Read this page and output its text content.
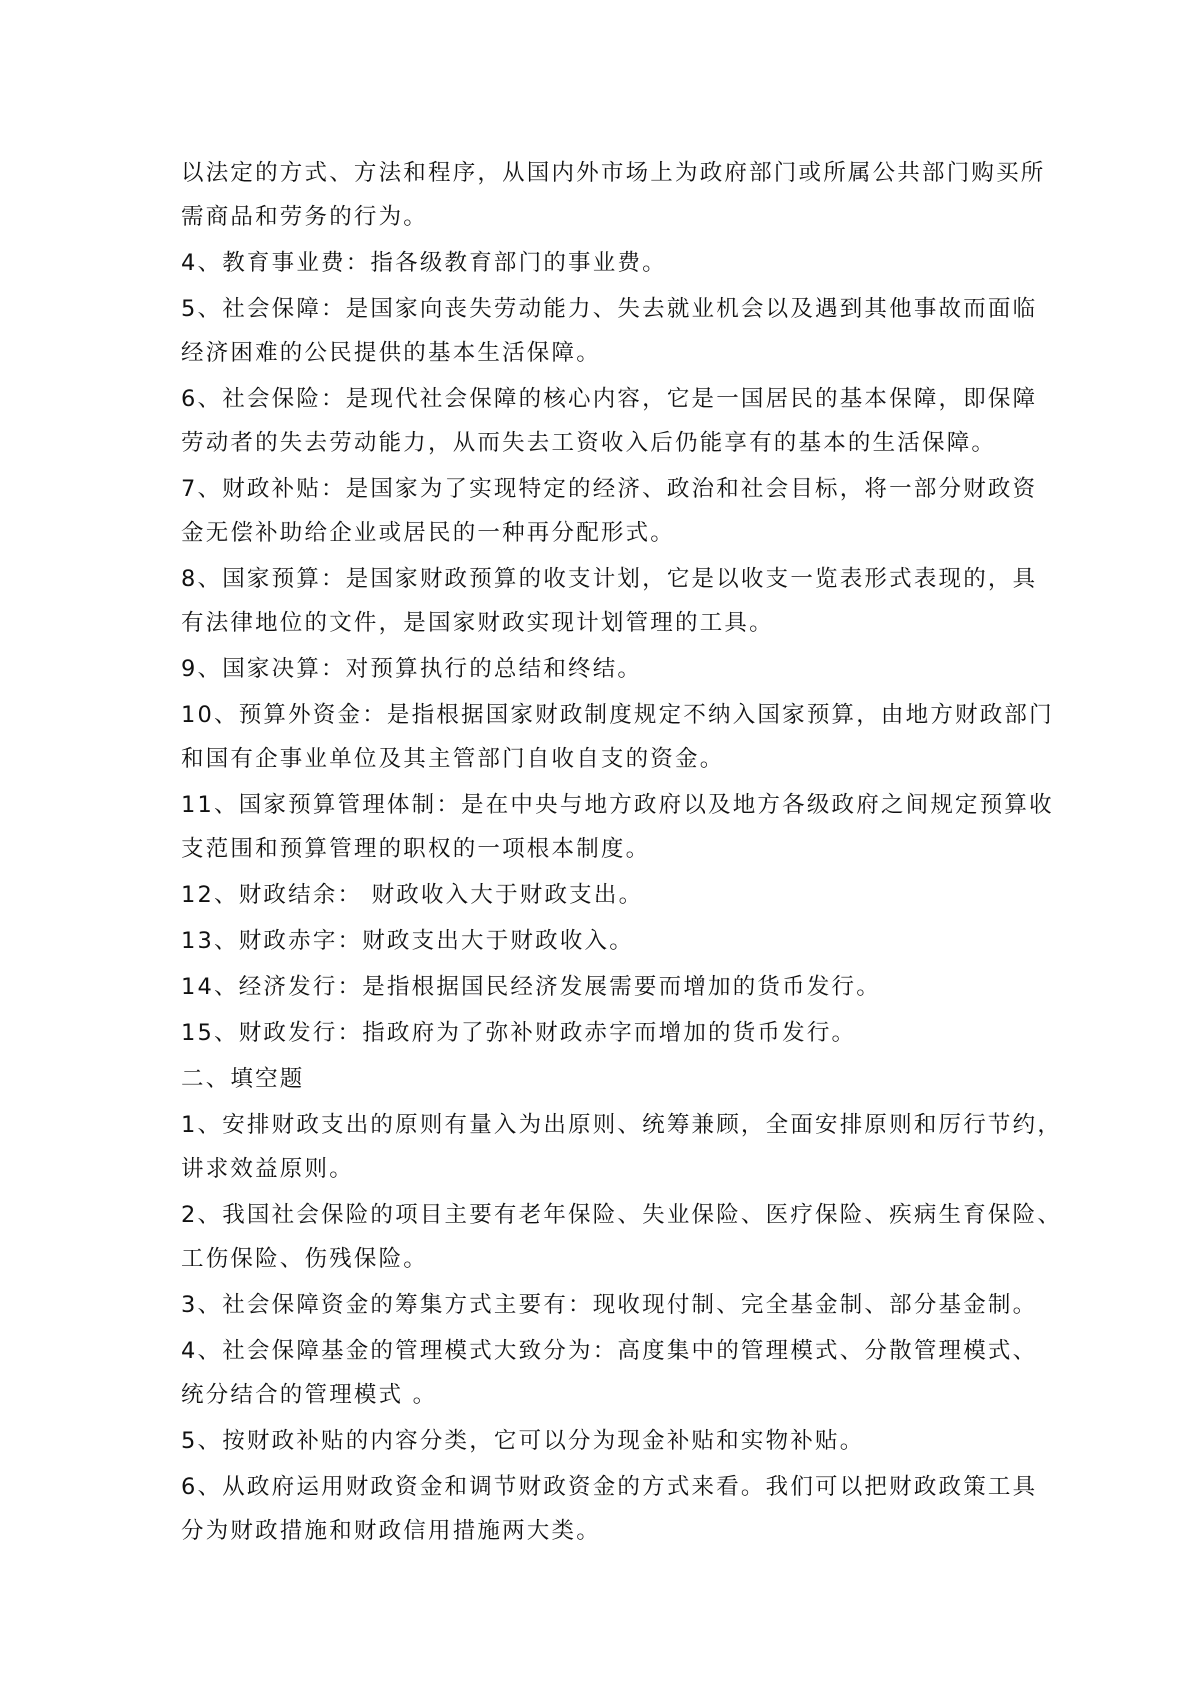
以法定的方式、方法和程序，从国内外市场上为政府部门或所属公共部门购买所
需商品和劳务的行为。
4、教育事业费：指各级教育部门的事业费。
5、社会保障：是国家向丧失劳动能力、失去就业机会以及遇到其他事故而面临
经济困难的公民提供的基本生活保障。
6、社会保险：是现代社会保障的核心内容，它是一国居民的基本保障，即保障
劳动者的失去劳动能力，从而失去工资收入后仍能享有的基本的生活保障。
7、财政补贴：是国家为了实现特定的经济、政治和社会目标，将一部分财政资
金无偿补助给企业或居民的一种再分配形式。
8、国家预算：是国家财政预算的收支计划，它是以收支一览表形式表现的，具
有法律地位的文件，是国家财政实现计划管理的工具。
9、国家决算：对预算执行的总结和终结。
10、预算外资金：是指根据国家财政制度规定不纳入国家预算，由地方财政部门
和国有企事业单位及其主管部门自收自支的资金。
11、国家预算管理体制：是在中央与地方政府以及地方各级政府之间规定预算收
支范围和预算管理的职权的一项根本制度。
12、财政结余： 财政收入大于财政支出。
13、财政赤字：财政支出大于财政收入。
14、经济发行：是指根据国民经济发展需要而增加的货币发行。
15、财政发行：指政府为了弥补财政赤字而增加的货币发行。
二、填空题
1、安排财政支出的原则有量入为出原则、统筹兼顾，全面安排原则和厉行节约，
讲求效益原则。
2、我国社会保险的项目主要有老年保险、失业保险、医疗保险、疾病生育保险、
工伤保险、伤残保险。
3、社会保障资金的筹集方式主要有：现收现付制、完全基金制、部分基金制。
4、社会保障基金的管理模式大致分为：高度集中的管理模式、分散管理模式、
统分结合的管理模式 。
5、按财政补贴的内容分类，它可以分为现金补贴和实物补贴。
6、从政府运用财政资金和调节财政资金的方式来看。我们可以把财政政策工具
分为财政措施和财政信用措施两大类。
